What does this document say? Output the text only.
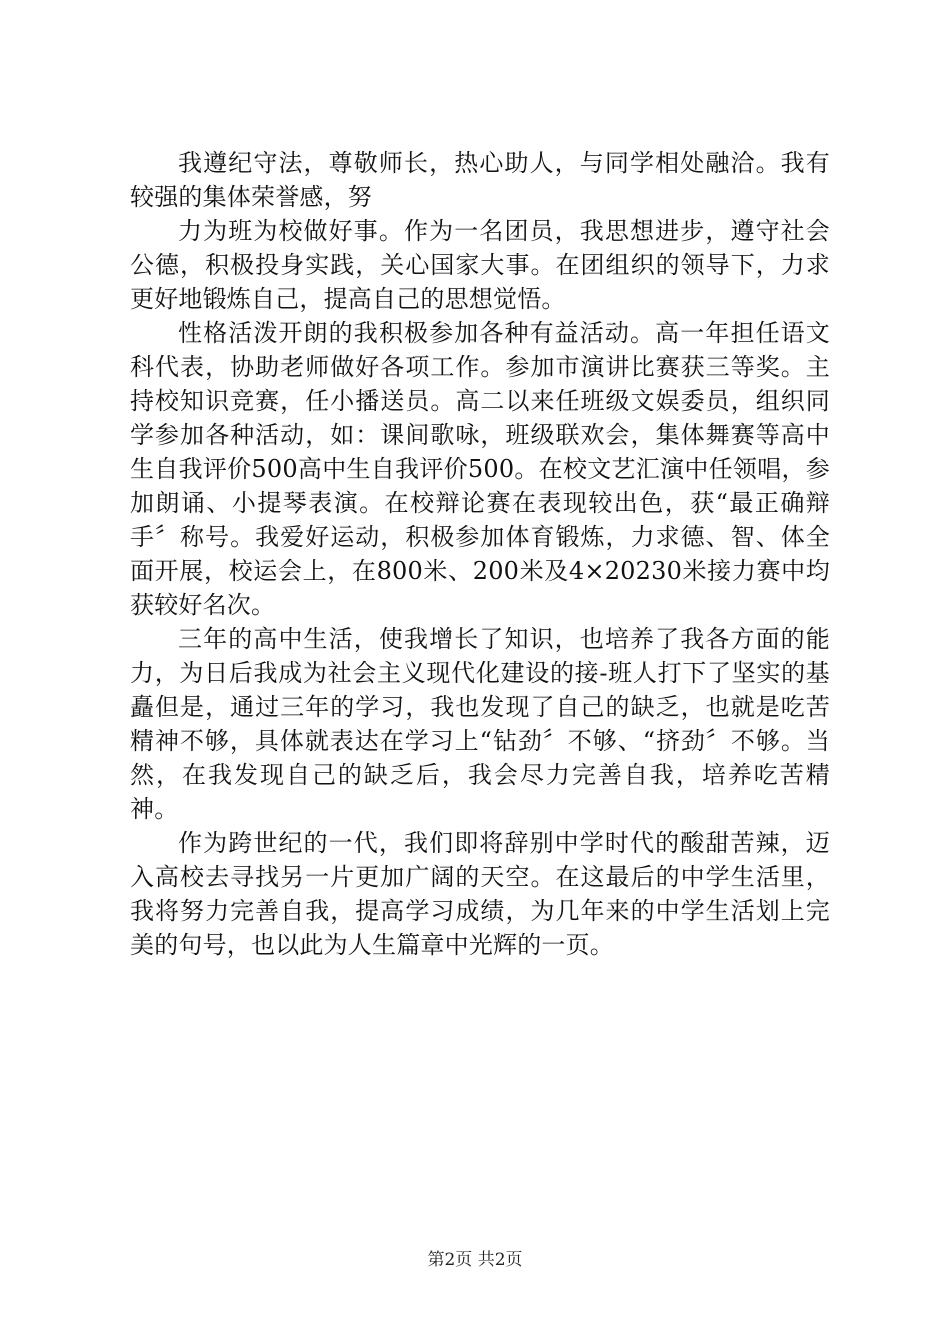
我遵纪守法，尊敬师长，热心助人，与同学相处融洽。我有较强的集体荣誉感，努

力为班为校做好事。作为一名团员，我思想进步，遵守社会公德，积极投身实践，关心国家大事。在团组织的领导下，力求更好地锻炼自己，提高自己的思想觉悟。

性格活泼开朗的我积极参加各种有益活动。高一年担任语文科代表，协助老师做好各项工作。参加市演讲比赛获三等奖。主持校知识竞赛，任小播送员。高二以来任班级文娱委员，组织同学参加各种活动，如：课间歌咏，班级联欢会，集体舞赛等高中生自我评价500高中生自我评价500。在校文艺汇演中任领唱，参加朗诵、小提琴表演。在校辩论赛在表现较出色，获“最正确辩手〞称号。我爱好运动，积极参加体育锻炼，力求德、智、体全面开展，校运会上，在800米、200米及4×20230米接力赛中均获较好名次。

三年的高中生活，使我增长了知识，也培养了我各方面的能力，为日后我成为社会主义现代化建设的接-班人打下了坚实的基矗但是，通过三年的学习，我也发现了自己的缺乏，也就是吃苦精神不够，具体就表达在学习上“钻劲〞不够、“挤劲〞不够。当然，在我发现自己的缺乏后，我会尽力完善自我，培养吃苦精神。

作为跨世纪的一代，我们即将辞别中学时代的酸甜苦辣，迈入高校去寻找另一片更加广阔的天空。在这最后的中学生活里，我将努力完善自我，提高学习成绩，为几年来的中学生活划上完美的句号，也以此为人生篇章中光辉的一页。

第2页 共2页
